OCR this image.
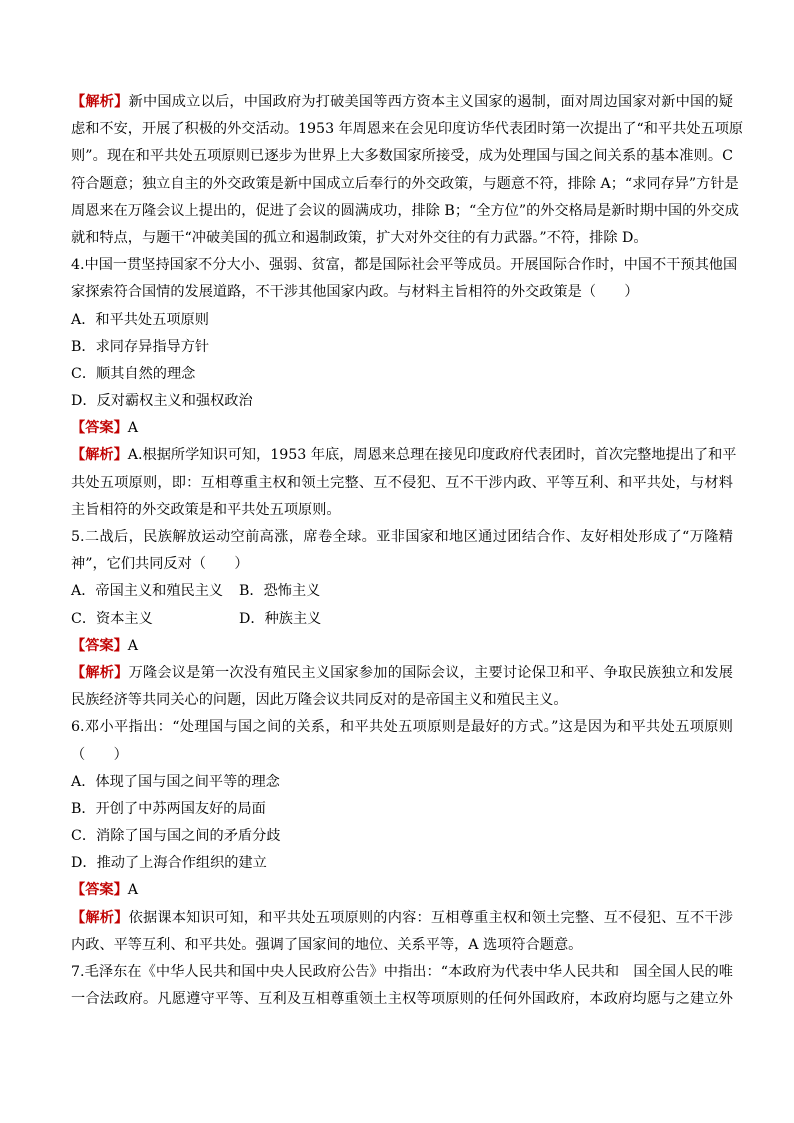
【解析】新中国成立以后，中国政府为打破美国等西方资本主义国家的遏制，面对周边国家对新中国的疑
虑和不安，开展了积极的外交活动。1953 年周恩来在会见印度访华代表团时第一次提出了“和平共处五项原
则”。现在和平共处五项原则已逐步为世界上大多数国家所接受，成为处理国与国之间关系的基本准则。C
符合题意；独立自主的外交政策是新中国成立后奉行的外交政策，与题意不符，排除 A；“求同存异”方针是
周恩来在万隆会议上提出的，促进了会议的圆满成功，排除 B；“全方位”的外交格局是新时期中国的外交成
就和特点，与题干“冲破美国的孤立和遏制政策，扩大对外交往的有力武器。”不符，排除 D。
4.中国一贯坚持国家不分大小、强弱、贫富，都是国际社会平等成员。开展国际合作时，中国不干预其他国
家探索符合国情的发展道路，不干涉其他国家内政。与材料主旨相符的外交政策是（　　）
A．和平共处五项原则
B．求同存异指导方针
C．顺其自然的理念
D．反对霸权主义和强权政治
【答案】A
【解析】A.根据所学知识可知，1953 年底，周恩来总理在接见印度政府代表团时，首次完整地提出了和平
共处五项原则，即：互相尊重主权和领土完整、互不侵犯、互不干涉内政、平等互利、和平共处，与材料
主旨相符的外交政策是和平共处五项原则。
5.二战后，民族解放运动空前高涨，席卷全球。亚非国家和地区通过团结合作、友好相处形成了“万隆精
神”，它们共同反对（　　）
A．帝国主义和殖民主义	B．恐怖主义
C．资本主义	D．种族主义
【答案】A
【解析】万隆会议是第一次没有殖民主义国家参加的国际会议，主要讨论保卫和平、争取民族独立和发展
民族经济等共同关心的问题，因此万隆会议共同反对的是帝国主义和殖民主义。
6.邓小平指出：“处理国与国之间的关系，和平共处五项原则是最好的方式。”这是因为和平共处五项原则
（　　）
A．体现了国与国之间平等的理念
B．开创了中苏两国友好的局面
C．消除了国与国之间的矛盾分歧
D．推动了上海合作组织的建立
【答案】A
【解析】依据课本知识可知，和平共处五项原则的内容：互相尊重主权和领土完整、互不侵犯、互不干涉
内政、平等互利、和平共处。强调了国家间的地位、关系平等，A 选项符合题意。
7.毛泽东在《中华人民共和国中央人民政府公告》中指出：“本政府为代表中华人民共和　国全国人民的唯
一合法政府。凡愿遵守平等、互利及互相尊重领土主权等项原则的任何外国政府，本政府均愿与之建立外
